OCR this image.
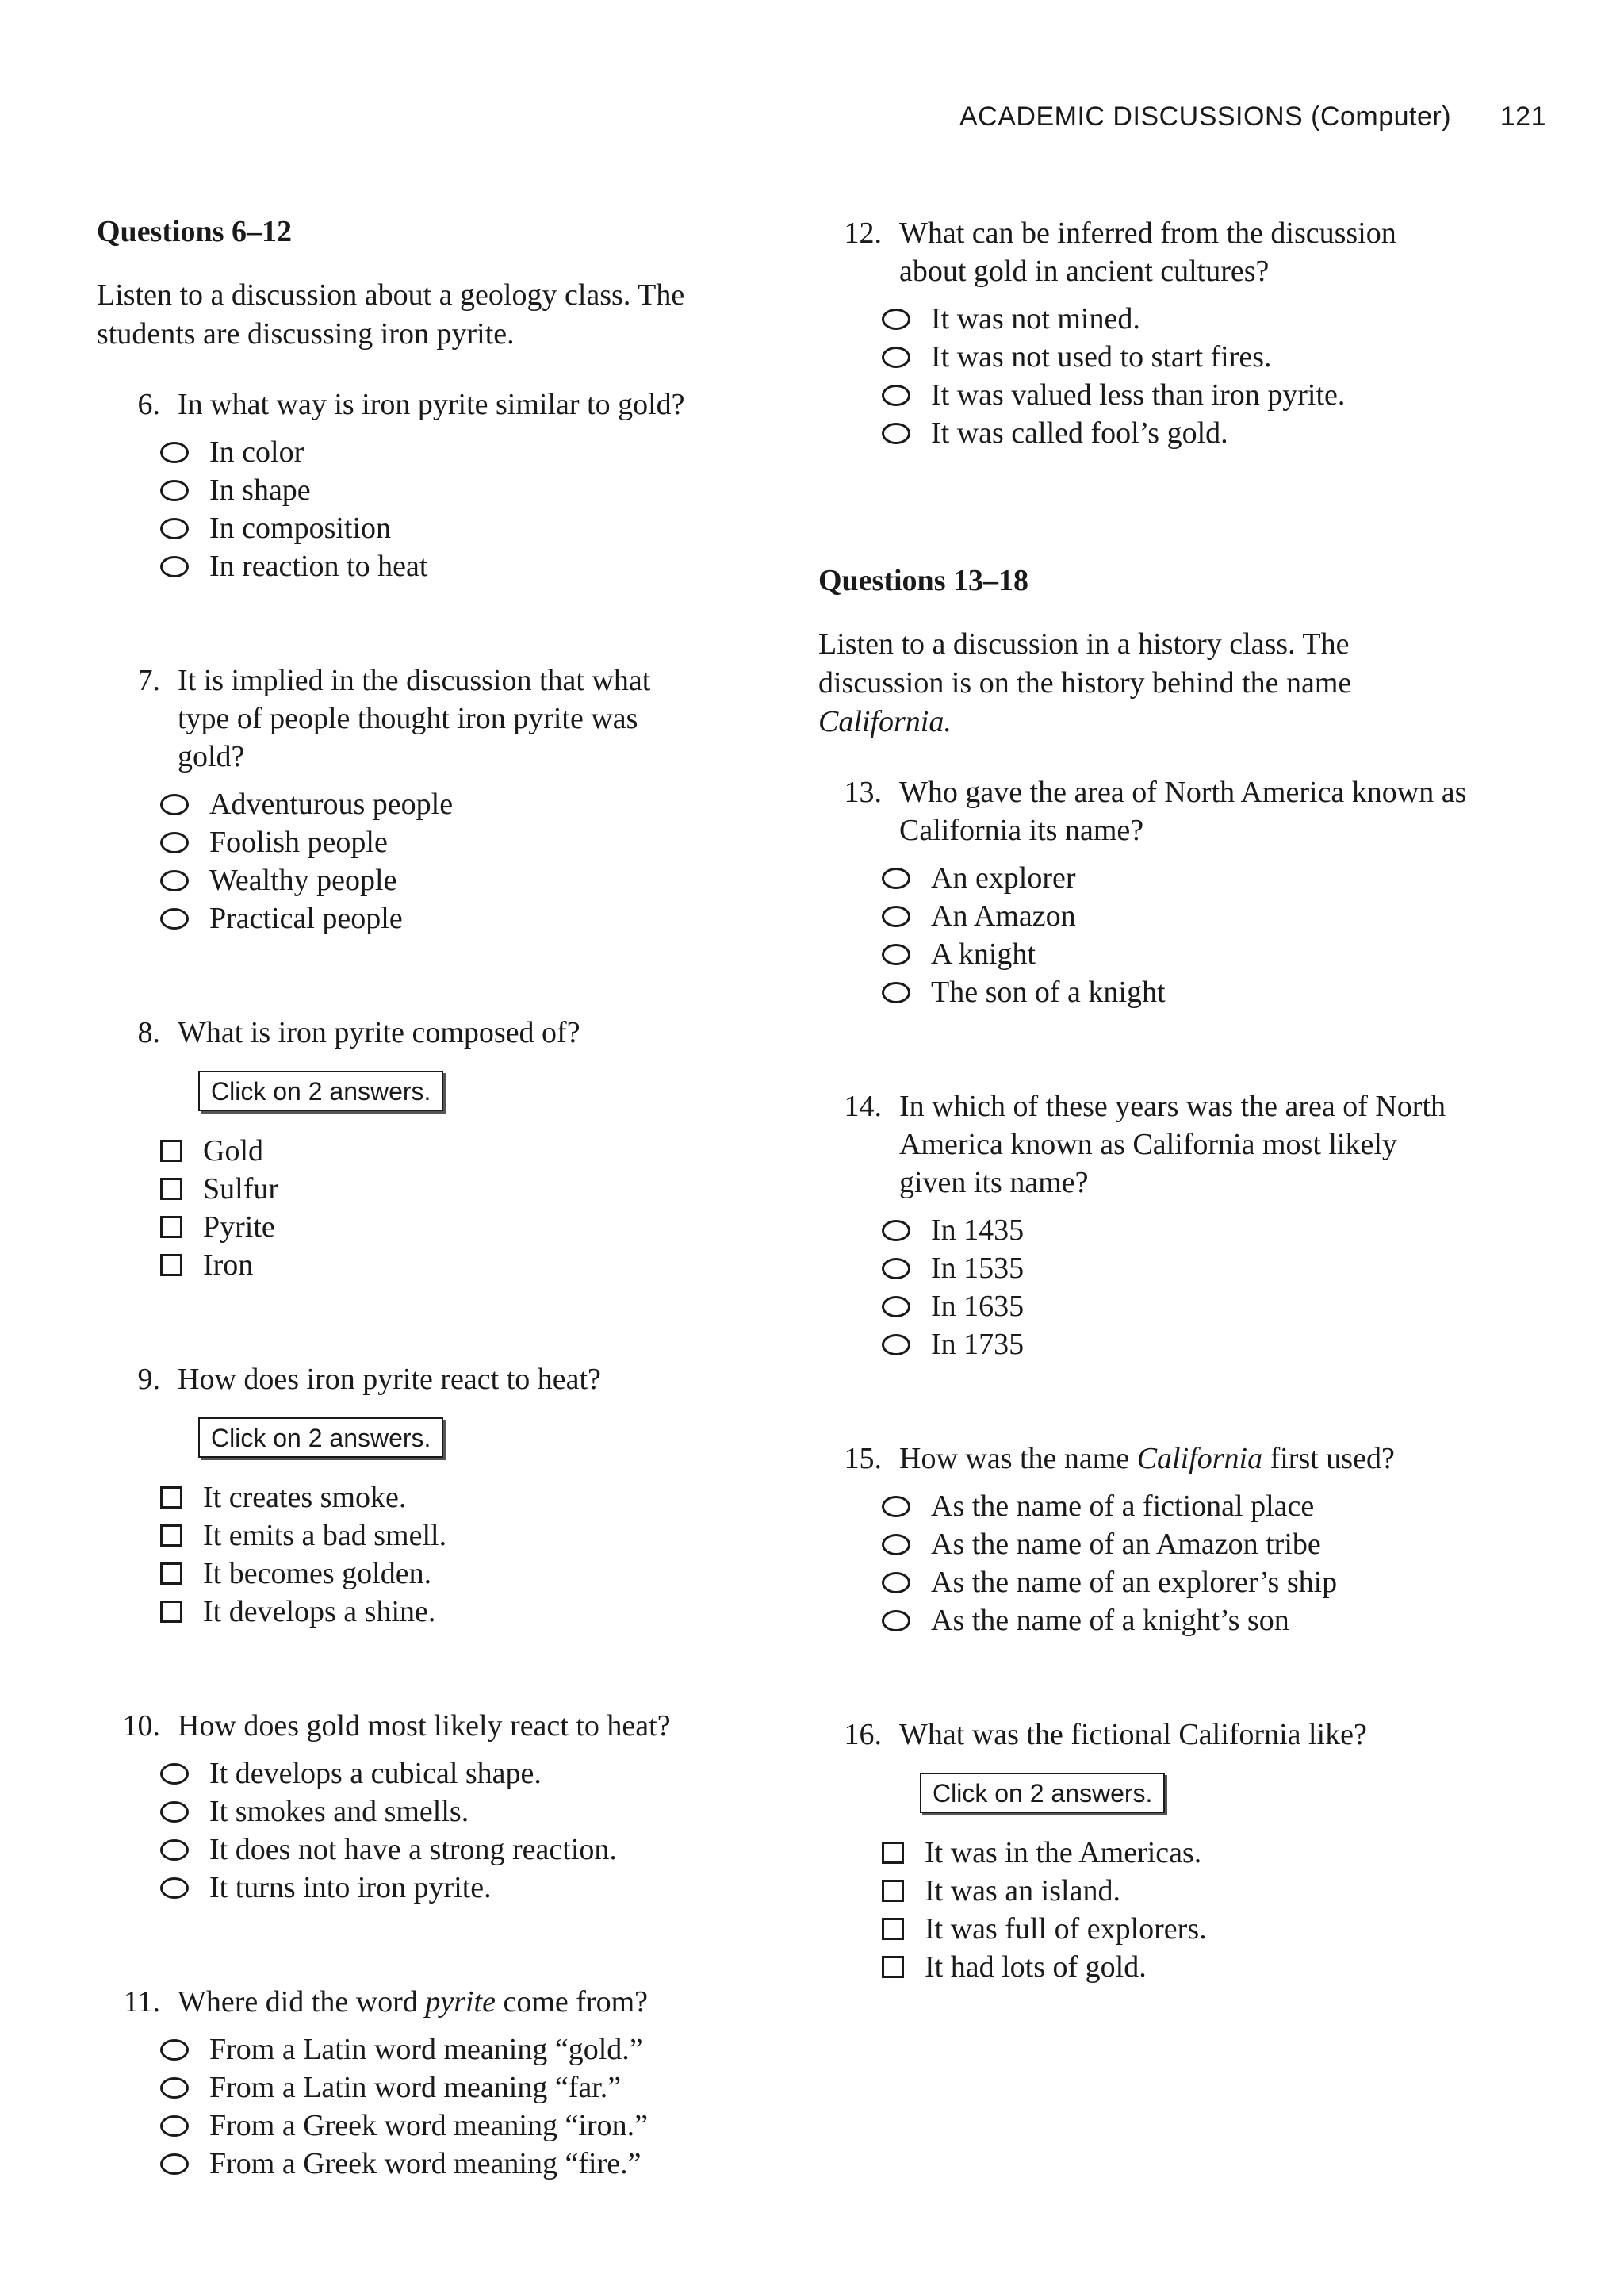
ACADEMIC DISCUSSIONS (Computer) 121
Questions 6–12
Listen to a discussion about a geology class. The students are discussing iron pyrite.
6. In what way is iron pyrite similar to gold?
In color
In shape
In composition
In reaction to heat
7. It is implied in the discussion that what type of people thought iron pyrite was gold?
Adventurous people
Foolish people
Wealthy people
Practical people
8. What is iron pyrite composed of?
Click on 2 answers.
Gold
Sulfur
Pyrite
Iron
9. How does iron pyrite react to heat?
Click on 2 answers.
It creates smoke.
It emits a bad smell.
It becomes golden.
It develops a shine.
10. How does gold most likely react to heat?
It develops a cubical shape.
It smokes and smells.
It does not have a strong reaction.
It turns into iron pyrite.
11. Where did the word pyrite come from?
From a Latin word meaning “gold.”
From a Latin word meaning “far.”
From a Greek word meaning “iron.”
From a Greek word meaning “fire.”
12. What can be inferred from the discussion about gold in ancient cultures?
It was not mined.
It was not used to start fires.
It was valued less than iron pyrite.
It was called fool’s gold.
Questions 13–18
Listen to a discussion in a history class. The discussion is on the history behind the name California.
13. Who gave the area of North America known as California its name?
An explorer
An Amazon
A knight
The son of a knight
14. In which of these years was the area of North America known as California most likely given its name?
In 1435
In 1535
In 1635
In 1735
15. How was the name California first used?
As the name of a fictional place
As the name of an Amazon tribe
As the name of an explorer’s ship
As the name of a knight’s son
16. What was the fictional California like?
Click on 2 answers.
It was in the Americas.
It was an island.
It was full of explorers.
It had lots of gold.
